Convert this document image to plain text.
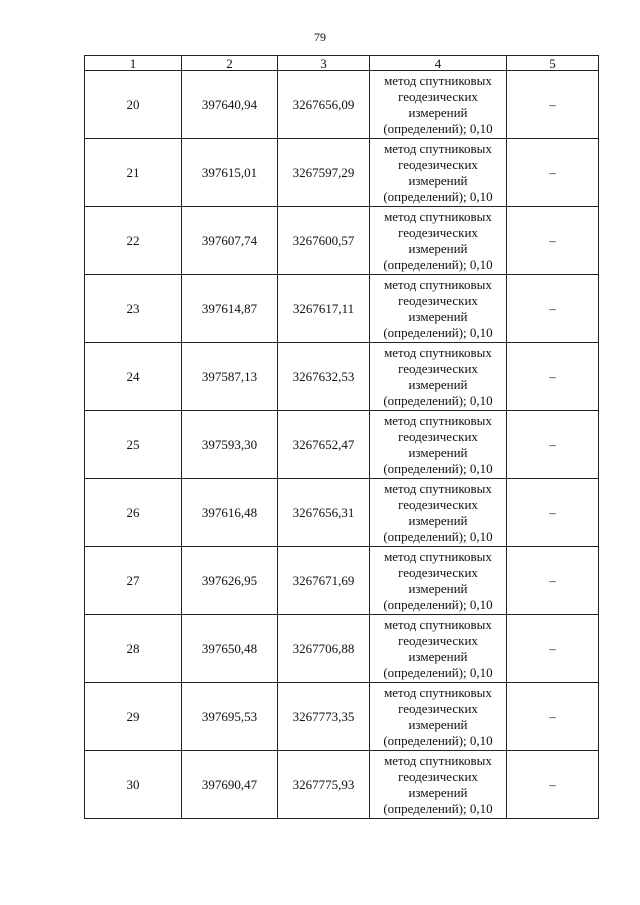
79
1	2	3	4	5
20	397640,94	3267656,09	метод спутниковых
геодезических
измерений
(определений); 0,10	–
21	397615,01	3267597,29	метод спутниковых
геодезических
измерений
(определений); 0,10	–
22	397607,74	3267600,57	метод спутниковых
геодезических
измерений
(определений); 0,10	–
23	397614,87	3267617,11	метод спутниковых
геодезических
измерений
(определений); 0,10	–
24	397587,13	3267632,53	метод спутниковых
геодезических
измерений
(определений); 0,10	–
25	397593,30	3267652,47	метод спутниковых
геодезических
измерений
(определений); 0,10	–
26	397616,48	3267656,31	метод спутниковых
геодезических
измерений
(определений); 0,10	–
27	397626,95	3267671,69	метод спутниковых
геодезических
измерений
(определений); 0,10	–
28	397650,48	3267706,88	метод спутниковых
геодезических
измерений
(определений); 0,10	–
29	397695,53	3267773,35	метод спутниковых
геодезических
измерений
(определений); 0,10	–
30	397690,47	3267775,93	метод спутниковых
геодезических
измерений
(определений); 0,10	–
